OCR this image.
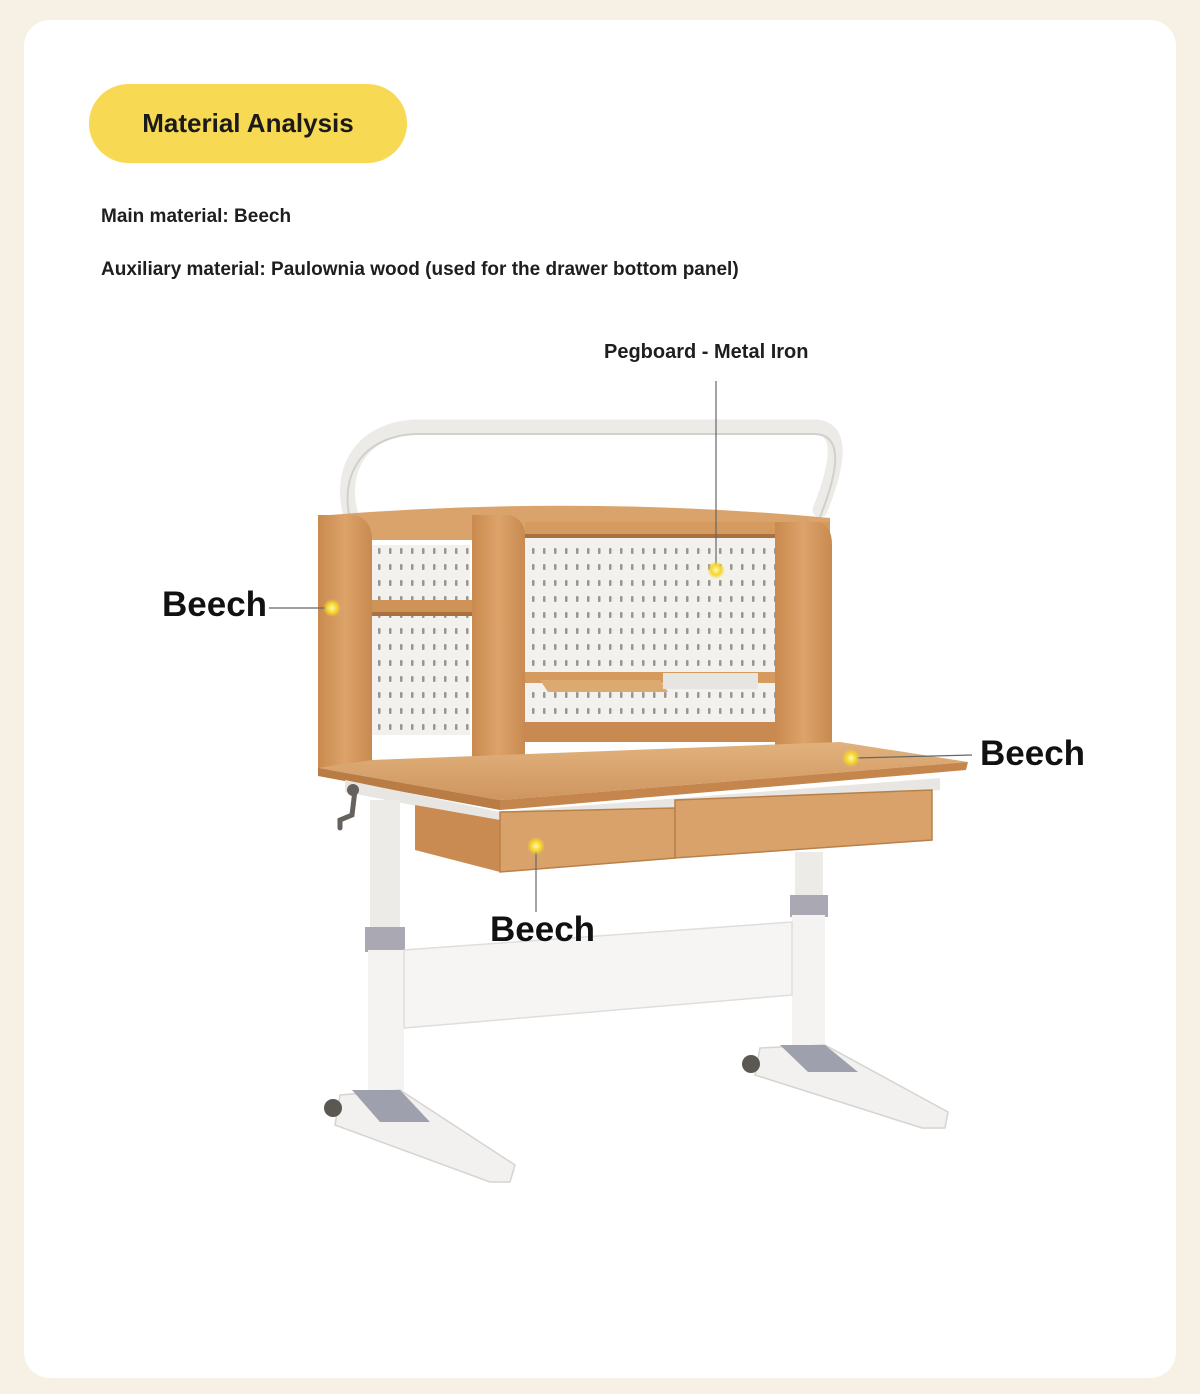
Material Analysis
Main material: Beech
Auxiliary material: Paulownia wood (used for the drawer bottom panel)
Pegboard - Metal Iron
Beech
Beech
Beech
